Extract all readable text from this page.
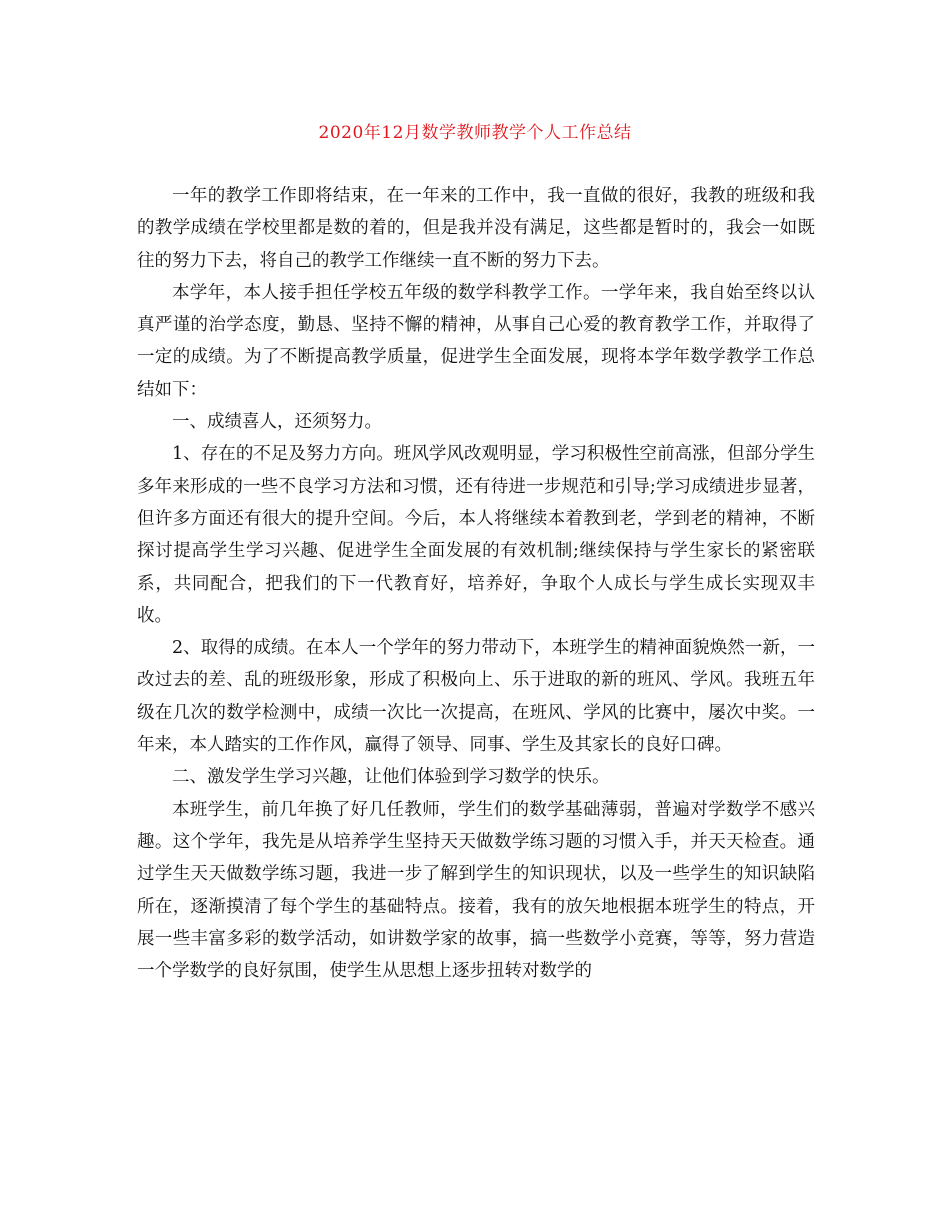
2020年12月数学教师教学个人工作总结

一年的教学工作即将结束，在一年来的工作中，我一直做的很好，我教的班级和我的教学成绩在学校里都是数的着的，但是我并没有满足，这些都是暂时的，我会一如既往的努力下去，将自己的教学工作继续一直不断的努力下去。

本学年，本人接手担任学校五年级的数学科教学工作。一学年来，我自始至终以认真严谨的治学态度，勤恳、坚持不懈的精神，从事自己心爱的教育教学工作，并取得了一定的成绩。为了不断提高教学质量，促进学生全面发展，现将本学年数学教学工作总结如下：

一、成绩喜人，还须努力。

1、存在的不足及努力方向。班风学风改观明显，学习积极性空前高涨，但部分学生多年来形成的一些不良学习方法和习惯，还有待进一步规范和引导;学习成绩进步显著，但许多方面还有很大的提升空间。今后，本人将继续本着教到老，学到老的精神，不断探讨提高学生学习兴趣、促进学生全面发展的有效机制;继续保持与学生家长的紧密联系，共同配合，把我们的下一代教育好，培养好，争取个人成长与学生成长实现双丰收。

2、取得的成绩。在本人一个学年的努力带动下，本班学生的精神面貌焕然一新，一改过去的差、乱的班级形象，形成了积极向上、乐于进取的新的班风、学风。我班五年级在几次的数学检测中，成绩一次比一次提高，在班风、学风的比赛中，屡次中奖。一年来，本人踏实的工作作风，赢得了领导、同事、学生及其家长的良好口碑。

二、激发学生学习兴趣，让他们体验到学习数学的快乐。

本班学生，前几年换了好几任教师，学生们的数学基础薄弱，普遍对学数学不感兴趣。这个学年，我先是从培养学生坚持天天做数学练习题的习惯入手，并天天检查。通过学生天天做数学练习题，我进一步了解到学生的知识现状，以及一些学生的知识缺陷所在，逐渐摸清了每个学生的基础特点。接着，我有的放矢地根据本班学生的特点，开展一些丰富多彩的数学活动，如讲数学家的故事，搞一些数学小竞赛，等等，努力营造一个学数学的良好氛围，使学生从思想上逐步扭转对数学的
